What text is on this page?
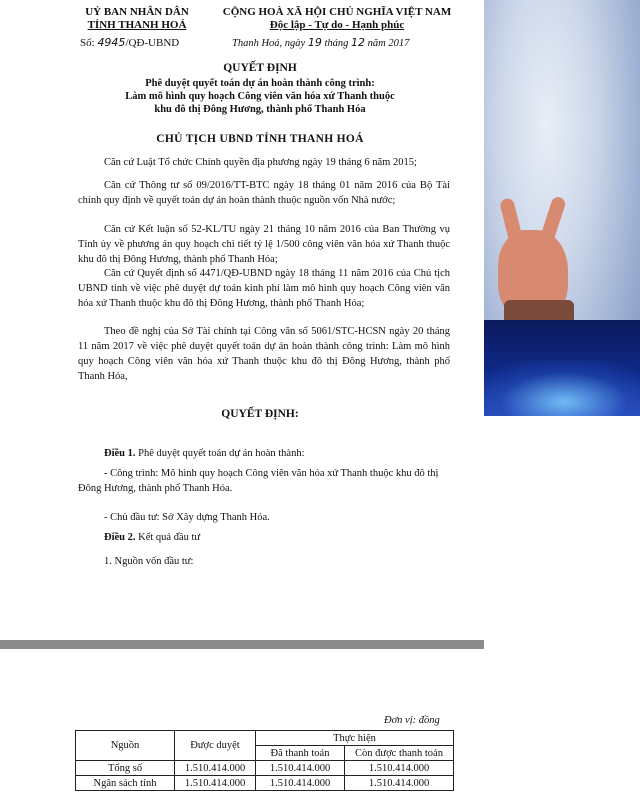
UỶ BAN NHÂN DÂN
TỈNH THANH HOÁ
Số: 4945/QĐ-UBND
CỘNG HOÀ XÃ HỘI CHỦ NGHĨA VIỆT NAM
Độc lập - Tự do - Hạnh phúc
Thanh Hoá, ngày 19 tháng 12 năm 2017
QUYẾT ĐỊNH
Phê duyệt quyết toán dự án hoàn thành công trình:
Làm mô hình quy hoạch Công viên văn hóa xứ Thanh thuộc
khu đô thị Đông Hương, thành phố Thanh Hóa
CHỦ TỊCH UBND TỈNH THANH HOÁ
Căn cứ Luật Tổ chức Chính quyền địa phương ngày 19 tháng 6 năm 2015;
Căn cứ Thông tư số 09/2016/TT-BTC ngày 18 tháng 01 năm 2016 của Bộ Tài chính quy định về quyết toán dự án hoàn thành thuộc nguồn vốn Nhà nước;
Căn cứ Kết luận số 52-KL/TU ngày 21 tháng 10 năm 2016 của Ban Thường vụ Tỉnh ủy về phương án quy hoạch chi tiết tỷ lệ 1/500 công viên văn hóa xứ Thanh thuộc khu đô thị Đông Hương, thành phố Thanh Hóa;
Căn cứ Quyết định số 4471/QĐ-UBND ngày 18 tháng 11 năm 2016 của Chủ tịch UBND tỉnh về việc phê duyệt dự toán kinh phí làm mô hình quy hoạch Công viên văn hóa xứ Thanh thuộc khu đô thị Đông Hương, thành phố Thanh Hóa;
Theo đề nghị của Sở Tài chính tại Công văn số 5061/STC-HCSN ngày 20 tháng 11 năm 2017 về việc phê duyệt quyết toán dự án hoàn thành công trình: Làm mô hình quy hoạch Công viên văn hóa xứ Thanh thuộc khu đô thị Đông Hương, thành phố Thanh Hóa,
QUYẾT ĐỊNH:
Điều 1. Phê duyệt quyết toán dự án hoàn thành:
- Công trình: Mô hình quy hoạch Công viên văn hóa xứ Thanh thuộc khu đô thị Đông Hương, thành phố Thanh Hóa.
- Chủ đầu tư: Sở Xây dựng Thanh Hóa.
Điều 2. Kết quả đầu tư
1. Nguồn vốn đầu tư:
Đơn vị: đồng
Nguồn	Được duyệt	Thực hiện	
		Đã thanh toán	Còn được thanh toán
Tổng số	1.510.414.000	1.510.414.000	1.510.414.000
Ngân sách tỉnh	1.510.414.000	1.510.414.000	1.510.414.000
